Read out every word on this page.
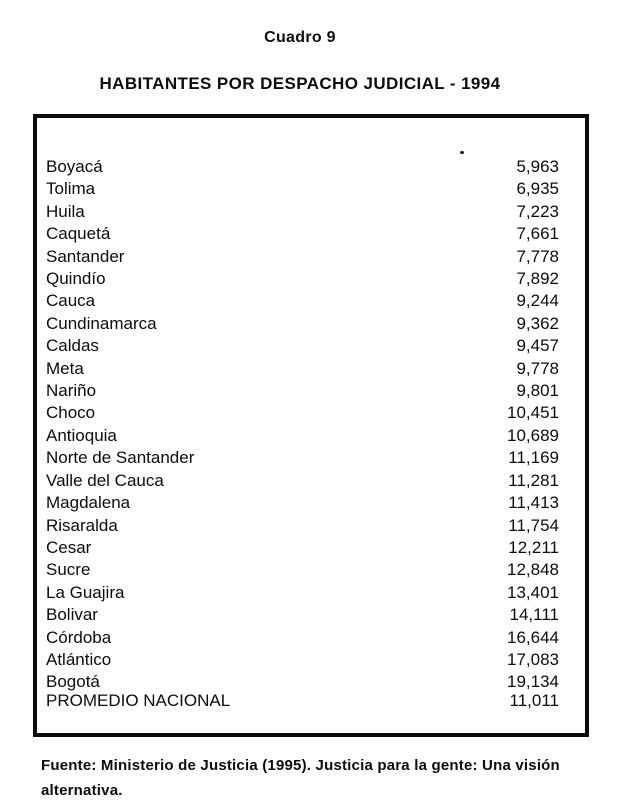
Cuadro 9
HABITANTES POR DESPACHO JUDICIAL - 1994
Boyacá	5,963
Tolima	6,935
Huila	7,223
Caquetá	7,661
Santander	7,778
Quindío	7,892
Cauca	9,244
Cundinamarca	9,362
Caldas	9,457
Meta	9,778
Nariño	9,801
Choco	10,451
Antioquia	10,689
Norte de Santander	11,169
Valle del Cauca	11,281
Magdalena	11,413
Risaralda	11,754
Cesar	12,211
Sucre	12,848
La Guajira	13,401
Bolivar	14,111
Córdoba	16,644
Atlántico	17,083
Bogotá	19,134
PROMEDIO NACIONAL	11,011
Fuente: Ministerio de Justicia (1995). Justicia para la gente: Una visión alternativa.
